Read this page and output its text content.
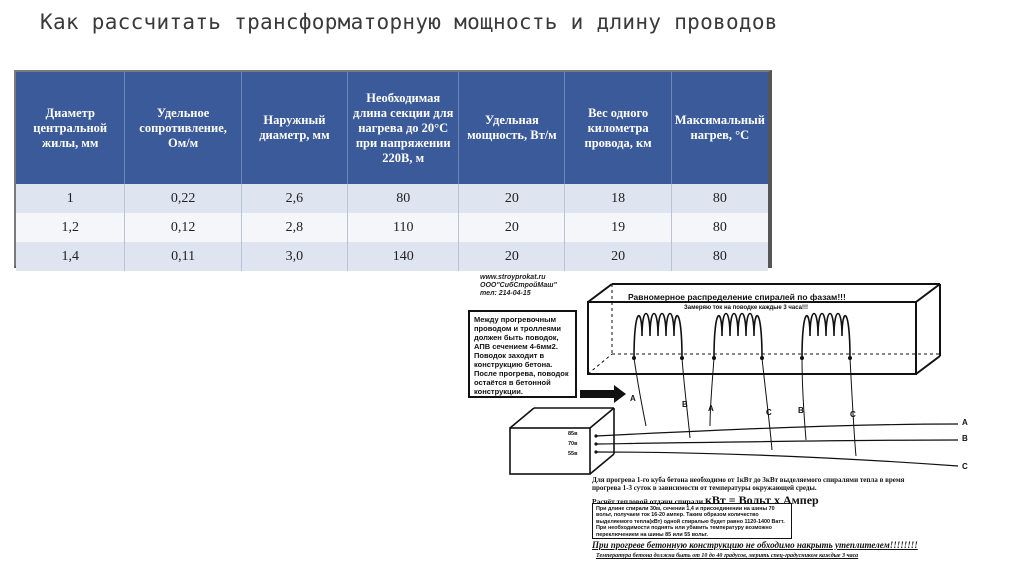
Как рассчитать трансформаторную мощность и длину проводов
Диаметр центральной жилы, мм	Удельное сопротивление, Ом/м	Наружный диаметр, мм	Необходимая длина секции для нагрева до 20°С при напряжении 220В, м	Удельная мощность, Вт/м	Вес одного километра провода, км	Максимальный нагрев, °С
1	0,22	2,6	80	20	18	80
1,2	0,12	2,8	110	20	19	80
1,4	0,11	3,0	140	20	20	80
www.stroyprokat.ru
ООО"СибСтройМаш"
тел: 214-04-15
Между прогревочным проводом и троллеями должен быть поводок, АПВ сечением 4-6мм2. Поводок заходит в конструкцию бетона. После прогрева, поводок остаётся в бетонной конструкции.
Равномерное распределение спиралей по фазам!!!
Замеряю ток на поводке каждые 3 часа!!!
A
B	A	C	B	C
A
B
C
85в
70в
55в
Для прогрева 1-го куба бетона необходимо от 1кВт до 3кВт выделяемого спиралями тепла в время прогрева 1-3 суток в зависимости от температуры окружающей среды.
Расчёт тепловой отдачи спирали кВт = Вольт х Ампер
При длине спирали 30м, сечении 1,4 и присоединении на шины 70 вольт, получаем ток 16-20 ампер. Таким образом количество выделяемого тепла(кВт) одной спиралью будет равно 1120-1400 Ватт. При необходимости поднять или убавить температуру возможно переключением на шины 85 или 55 вольт.
При прогреве бетонную конструкцию не обходимо накрыть утеплителем!!!!!!!!
Температура бетона должна быть от 10 до 40 градусов, мерить спец-градусником каждые 3 часа
